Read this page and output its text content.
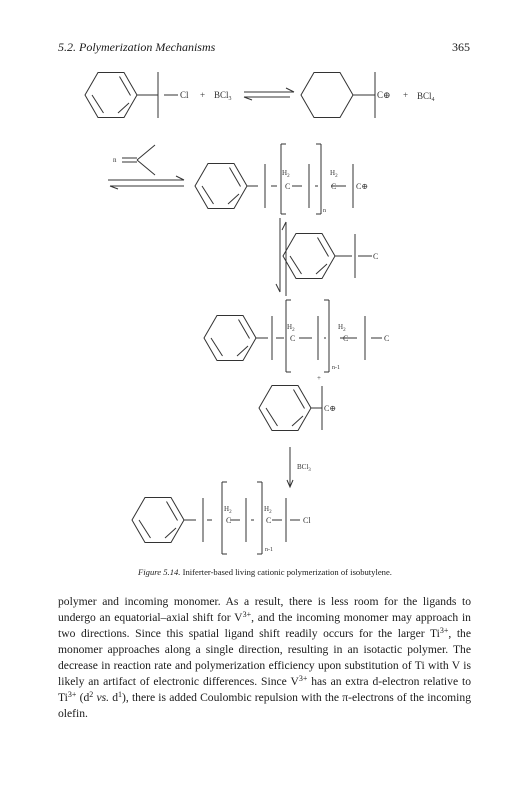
5.2. Polymerization Mechanisms	365
Cl + BCl$_3$	C⊕ + BCl$_4$
n
$H_2$
C
$H_2$
C C⊕
n
C
$H_2$
C
$H_2$
C	C
n-1
+
C⊕
BCl$_3$
$H_2$
C
$H_2$
C	Cl
n-1
Figure 5.14. Iniferter-based living cationic polymerization of isobutylene.

polymer and incoming monomer. As a result, there is less room for the ligands to undergo an equatorial–axial shift for $V^{3+}$, and the incoming monomer may approach in two directions. Since this spatial ligand shift readily occurs for the larger $Ti^{3+}$, the monomer approaches along a single direction, resulting in an isotactic polymer. The decrease in reaction rate and polymerization efficiency upon substitution of Ti with V is likely an artifact of electronic differences. Since $V^{3+}$ has an extra d-electron relative to $Ti^{3+}$ ($d^2$ vs. $d^1$), there is added Coulombic repulsion with the π-electrons of the incoming olefin.
